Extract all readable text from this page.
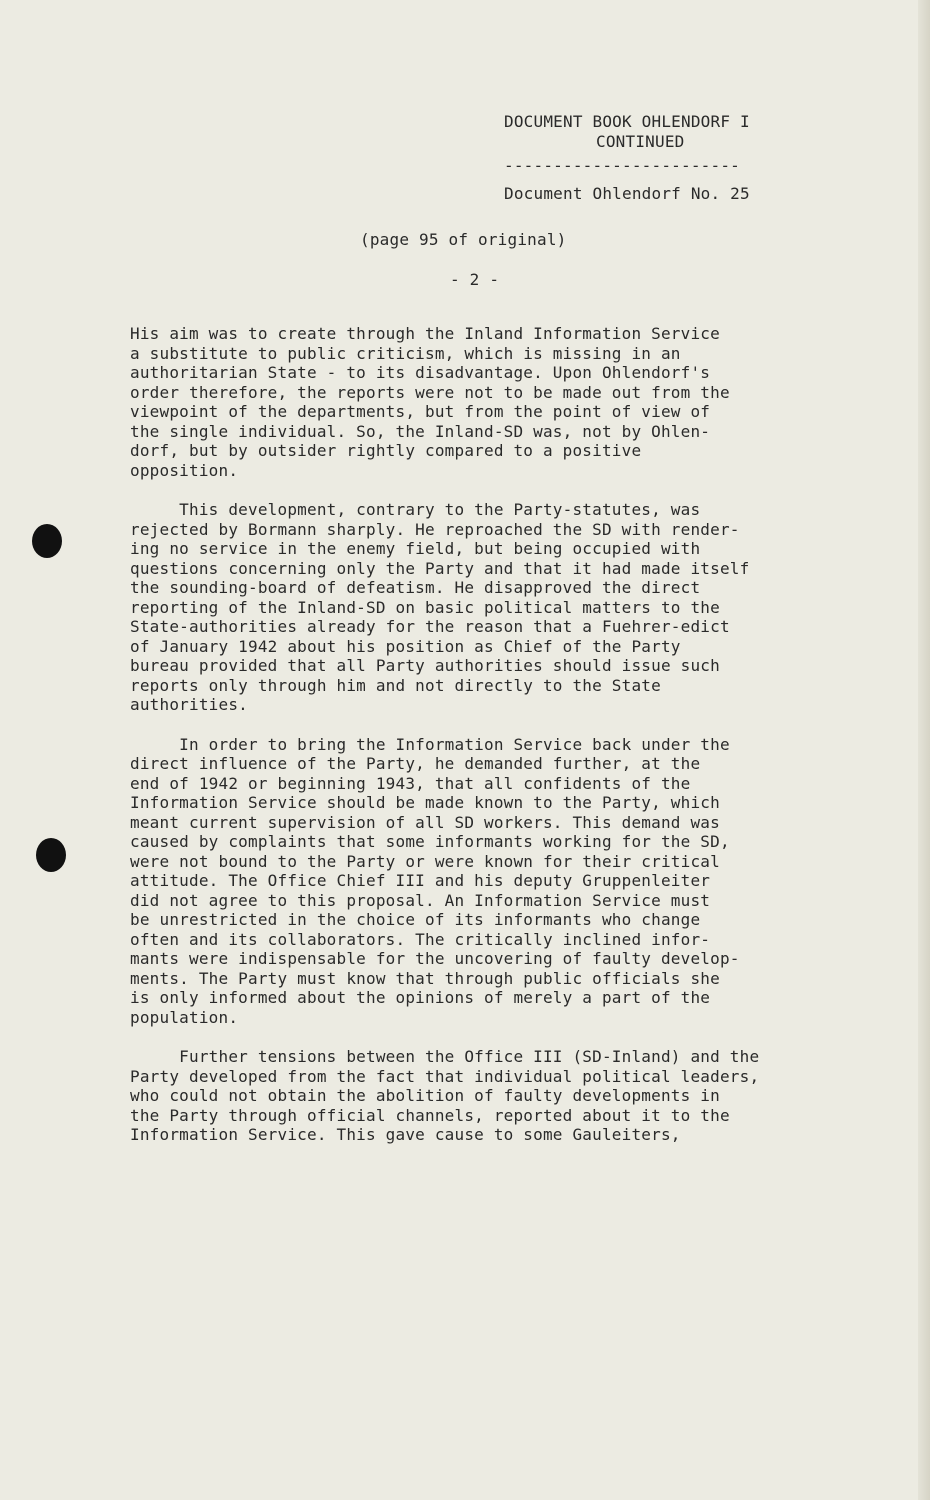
DOCUMENT BOOK OHLENDORF I
CONTINUED
------------------------
Document Ohlendorf No. 25
(page 95 of original)
- 2 -
His aim was to create through the Inland Information Service
a substitute to public criticism, which is missing in an
authoritarian State - to its disadvantage. Upon Ohlendorf's
order therefore, the reports were not to be made out from the
viewpoint of the departments, but from the point of view of
the single individual. So, the Inland-SD was, not by Ohlen-
dorf, but by outsider rightly compared to a positive
opposition.
This development, contrary to the Party-statutes, was
rejected by Bormann sharply. He reproached the SD with render-
ing no service in the enemy field, but being occupied with
questions concerning only the Party and that it had made itself
the sounding-board of defeatism. He disapproved the direct
reporting of the Inland-SD on basic political matters to the
State-authorities already for the reason that a Fuehrer-edict
of January 1942 about his position as Chief of the Party
bureau provided that all Party authorities should issue such
reports only through him and not directly to the State
authorities.
In order to bring the Information Service back under the
direct influence of the Party, he demanded further, at the
end of 1942 or beginning 1943, that all confidents of the
Information Service should be made known to the Party, which
meant current supervision of all SD workers. This demand was
caused by complaints that some informants working for the SD,
were not bound to the Party or were known for their critical
attitude. The Office Chief III and his deputy Gruppenleiter
did not agree to this proposal. An Information Service must
be unrestricted in the choice of its informants who change
often and its collaborators. The critically inclined infor-
mants were indispensable for the uncovering of faulty develop-
ments. The Party must know that through public officials she
is only informed about the opinions of merely a part of the
population.
Further tensions between the Office III (SD-Inland) and the
Party developed from the fact that individual political leaders,
who could not obtain the abolition of faulty developments in
the Party through official channels, reported about it to the
Information Service. This gave cause to some Gauleiters,
